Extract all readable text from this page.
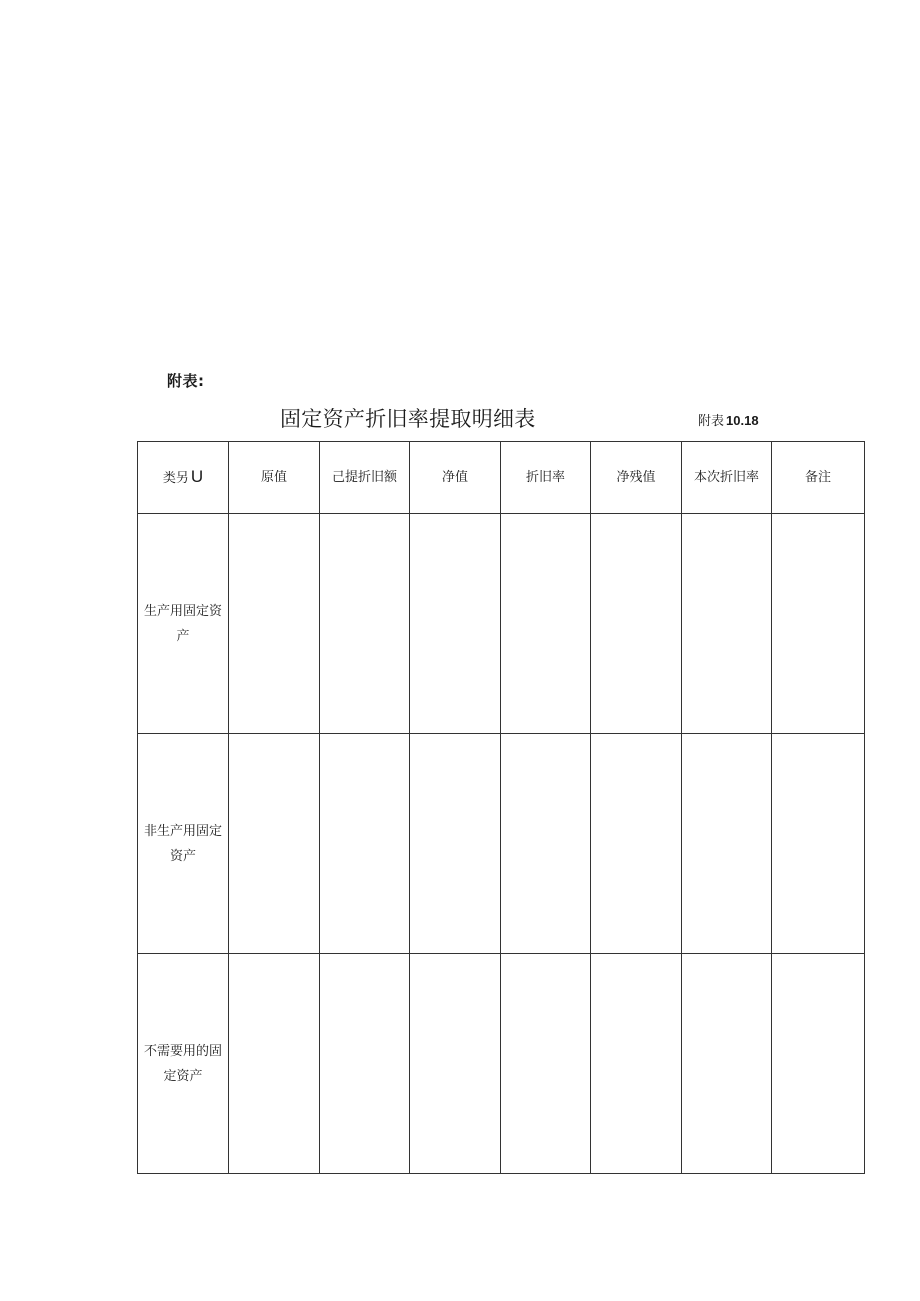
附表:
固定资产折旧率提取明细表	附表 10.18
类另 U	原值	己提折旧额	净值	折旧率	净残值	本次折旧率	备注
生产用固定资产							
非生产用固定资产							
不需要用的固定资产							
